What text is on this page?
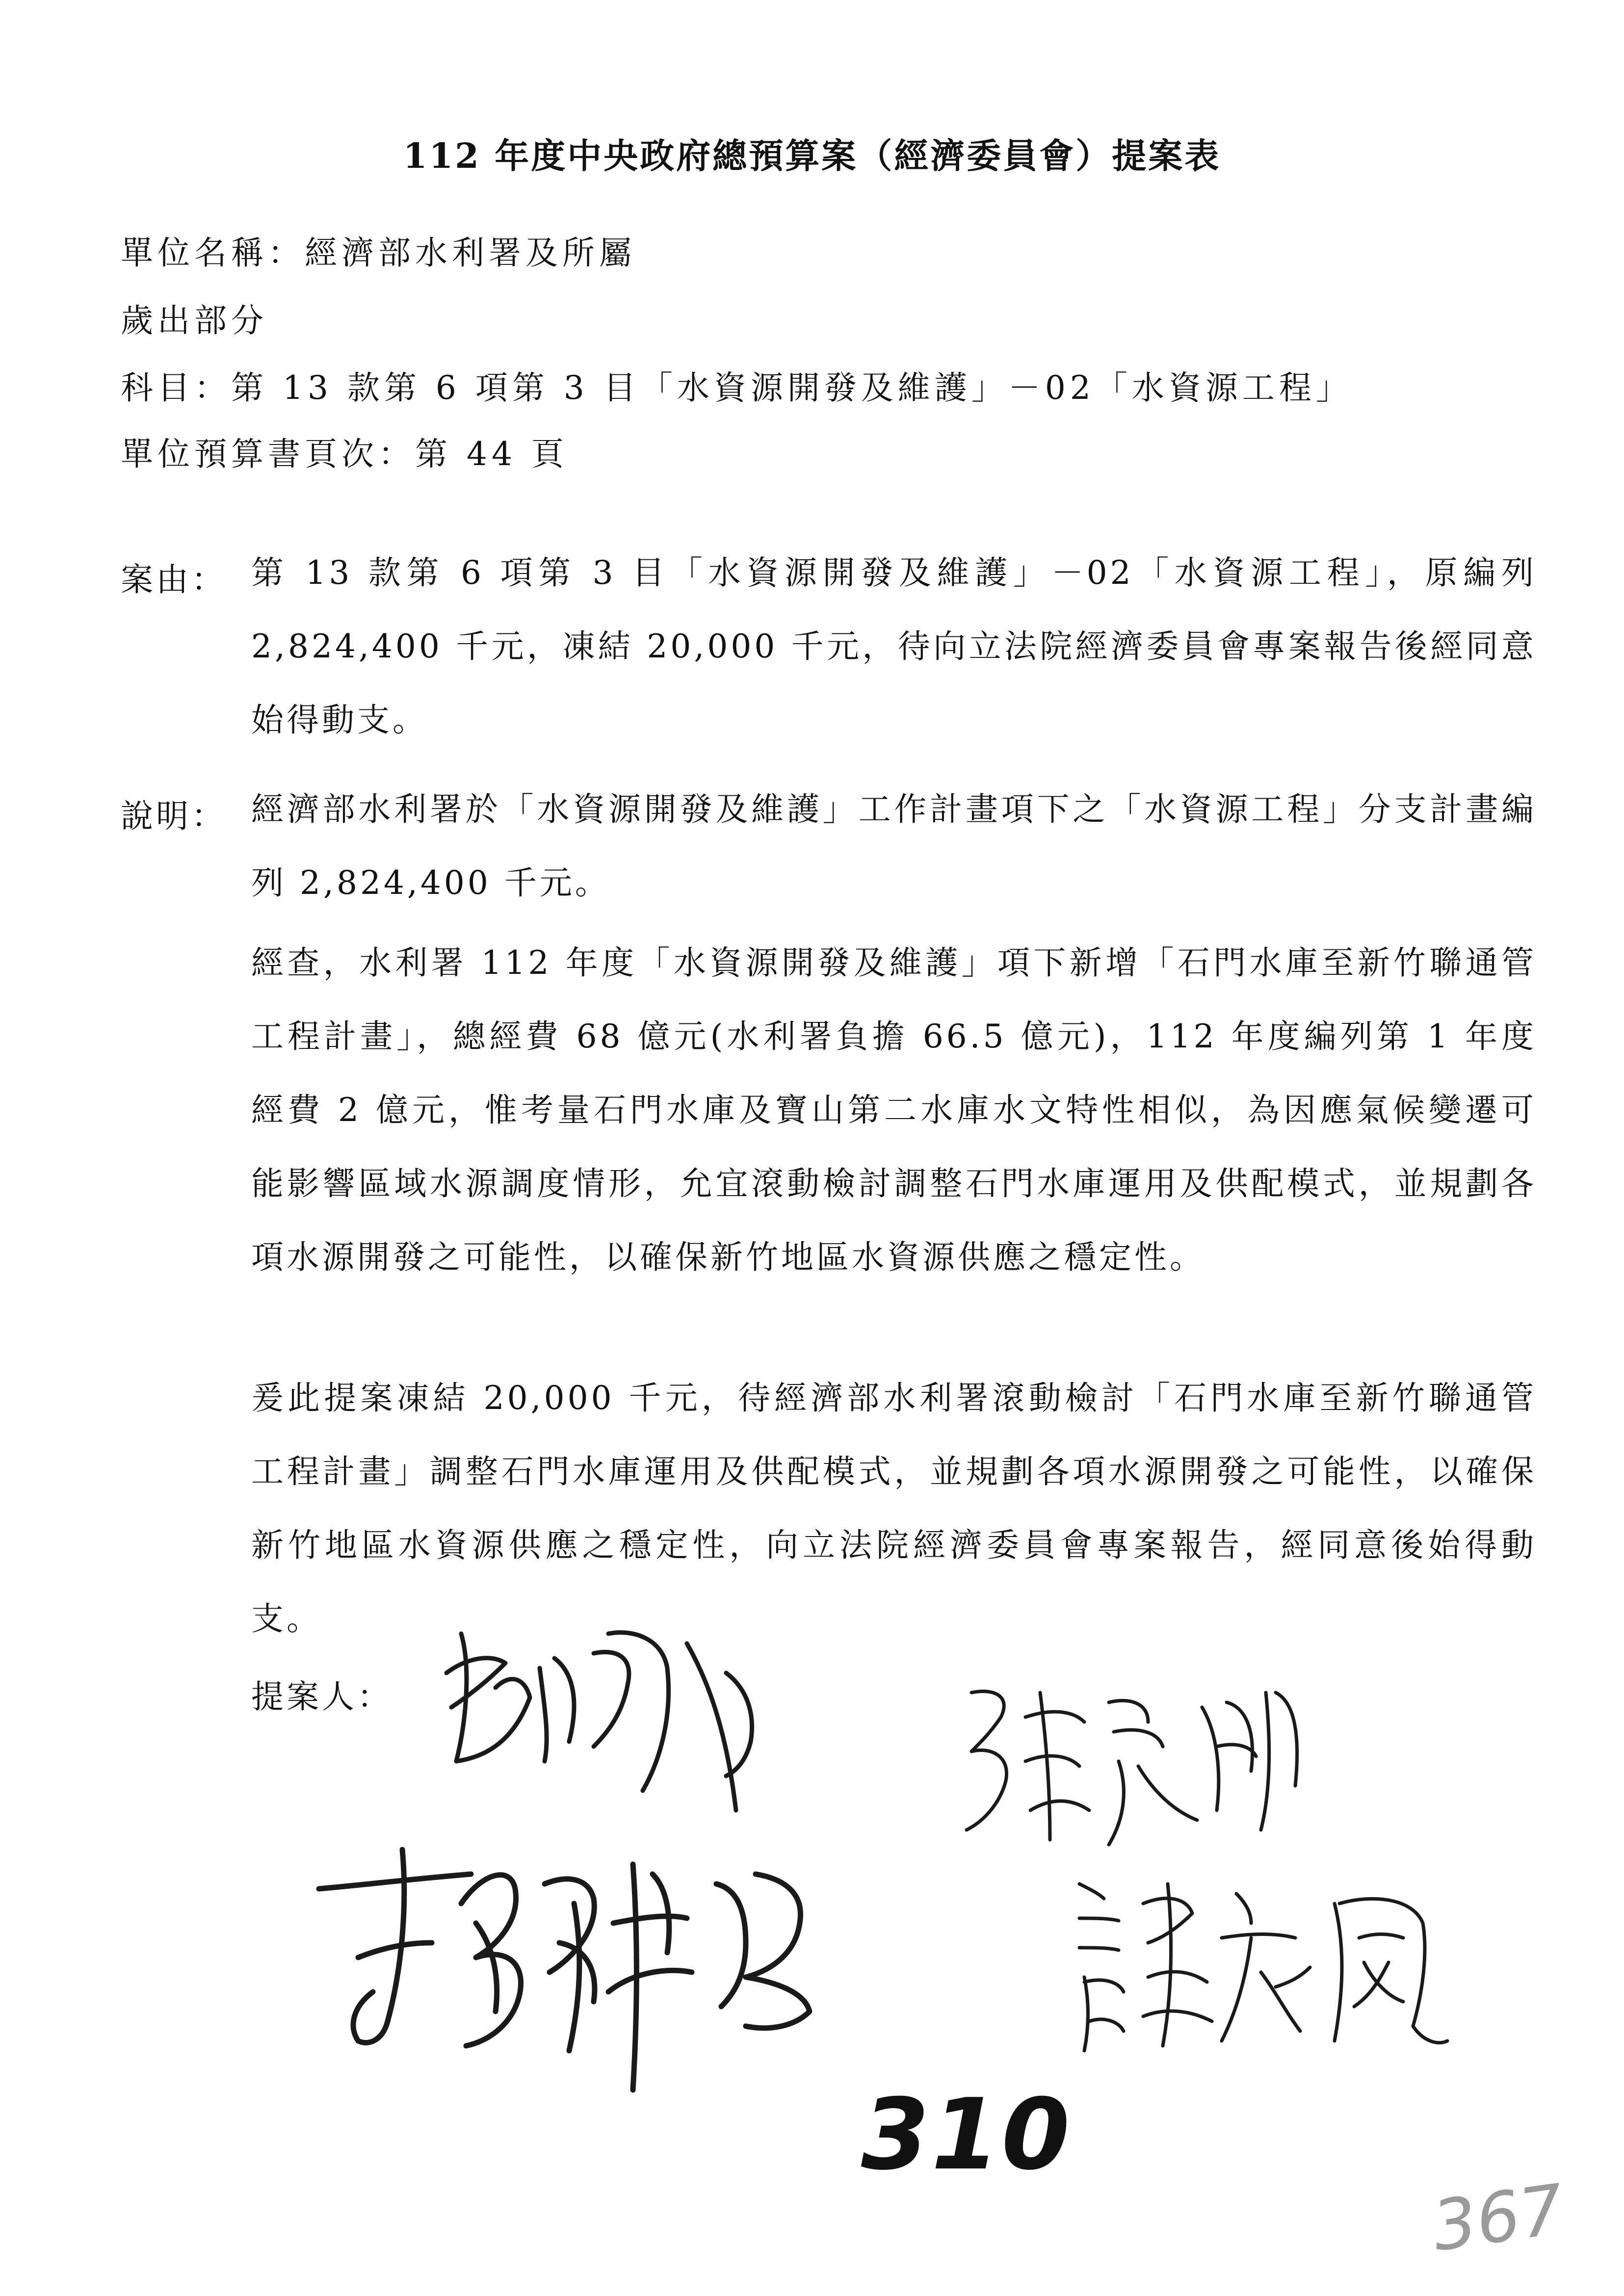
112 年度中央政府總預算案（經濟委員會）提案表
單位名稱：經濟部水利署及所屬
歲出部分
科目：第 13 款第 6 項第 3 目「水資源開發及維護」－02「水資源工程」
單位預算書頁次：第 44 頁
案由： 第 13 款第 6 項第 3 目「水資源開發及維護」－02「水資源工程」，原編列 2,824,400 千元，凍結 20,000 千元，待向立法院經濟委員會專案報告後經同意始得動支。

說明： 經濟部水利署於「水資源開發及維護」工作計畫項下之「水資源工程」分支計畫編列 2,824,400 千元。

經查，水利署 112 年度「水資源開發及維護」項下新增「石門水庫至新竹聯通管工程計畫」，總經費 68 億元(水利署負擔 66.5 億元)，112 年度編列第 1 年度經費 2 億元，惟考量石門水庫及寶山第二水庫水文特性相似，為因應氣候變遷可能影響區域水源調度情形，允宜滾動檢討調整石門水庫運用及供配模式，並規劃各項水源開發之可能性，以確保新竹地區水資源供應之穩定性。

爰此提案凍結 20,000 千元，待經濟部水利署滾動檢討「石門水庫至新竹聯通管工程計畫」調整石門水庫運用及供配模式，並規劃各項水源開發之可能性，以確保新竹地區水資源供應之穩定性，向立法院經濟委員會專案報告，經同意後始得動支。

提案人：
310
367
